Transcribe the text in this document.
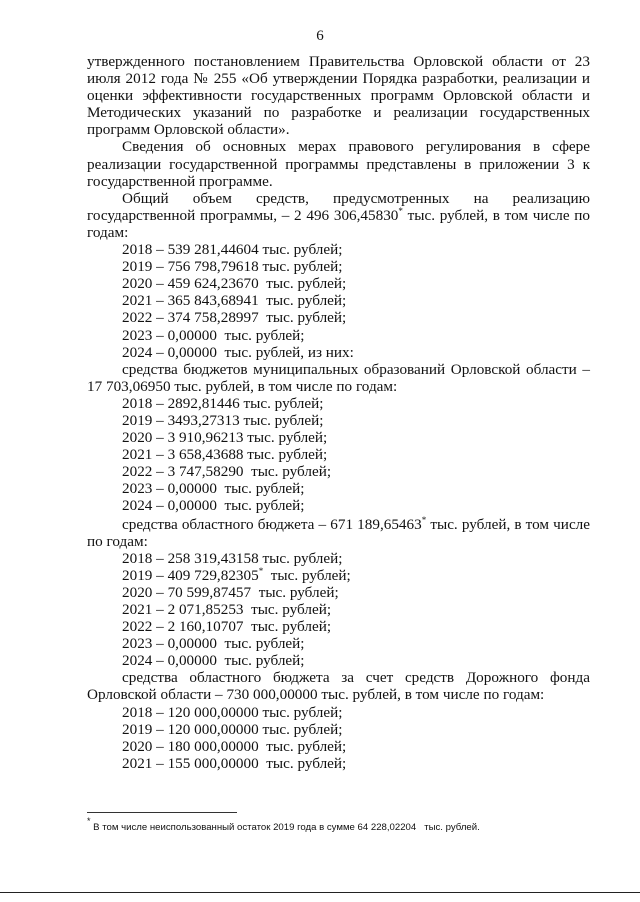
6

утвержденного постановлением Правительства Орловской области от 23 июля 2012 года № 255 «Об утверждении Порядка разработки, реализации и оценки эффективности государственных программ Орловской области и Методических указаний по разработке и реализации государственных программ Орловской области».

Сведения об основных мерах правового регулирования в сфере реализации государственной программы представлены в приложении 3 к государственной программе.

Общий объем средств, предусмотренных на реализацию государственной программы, – 2 496 306,45830* тыс. рублей, в том числе по годам:

2018 – 539 281,44604 тыс. рублей;

2019 – 756 798,79618 тыс. рублей;

2020 – 459 624,23670  тыс. рублей;

2021 – 365 843,68941  тыс. рублей;

2022 – 374 758,28997  тыс. рублей;

2023 – 0,00000  тыс. рублей;

2024 – 0,00000  тыс. рублей, из них:

средства бюджетов муниципальных образований Орловской области – 17 703,06950 тыс. рублей, в том числе по годам:

2018 – 2892,81446 тыс. рублей;

2019 – 3493,27313 тыс. рублей;

2020 – 3 910,96213 тыс. рублей;

2021 – 3 658,43688 тыс. рублей;

2022 – 3 747,58290  тыс. рублей;

2023 – 0,00000  тыс. рублей;

2024 – 0,00000  тыс. рублей;

средства областного бюджета – 671 189,65463* тыс. рублей, в том числе по годам:

2018 – 258 319,43158 тыс. рублей;

2019 – 409 729,82305*  тыс. рублей;

2020 – 70 599,87457  тыс. рублей;

2021 – 2 071,85253  тыс. рублей;

2022 – 2 160,10707  тыс. рублей;

2023 – 0,00000  тыс. рублей;

2024 – 0,00000  тыс. рублей;

средства областного бюджета за счет средств Дорожного фонда Орловской области – 730 000,00000 тыс. рублей, в том числе по годам:

2018 – 120 000,00000 тыс. рублей;

2019 – 120 000,00000 тыс. рублей;

2020 – 180 000,00000  тыс. рублей;

2021 – 155 000,00000  тыс. рублей;

* В том числе неиспользованный остаток 2019 года в сумме 64 228,02204   тыс. рублей.
